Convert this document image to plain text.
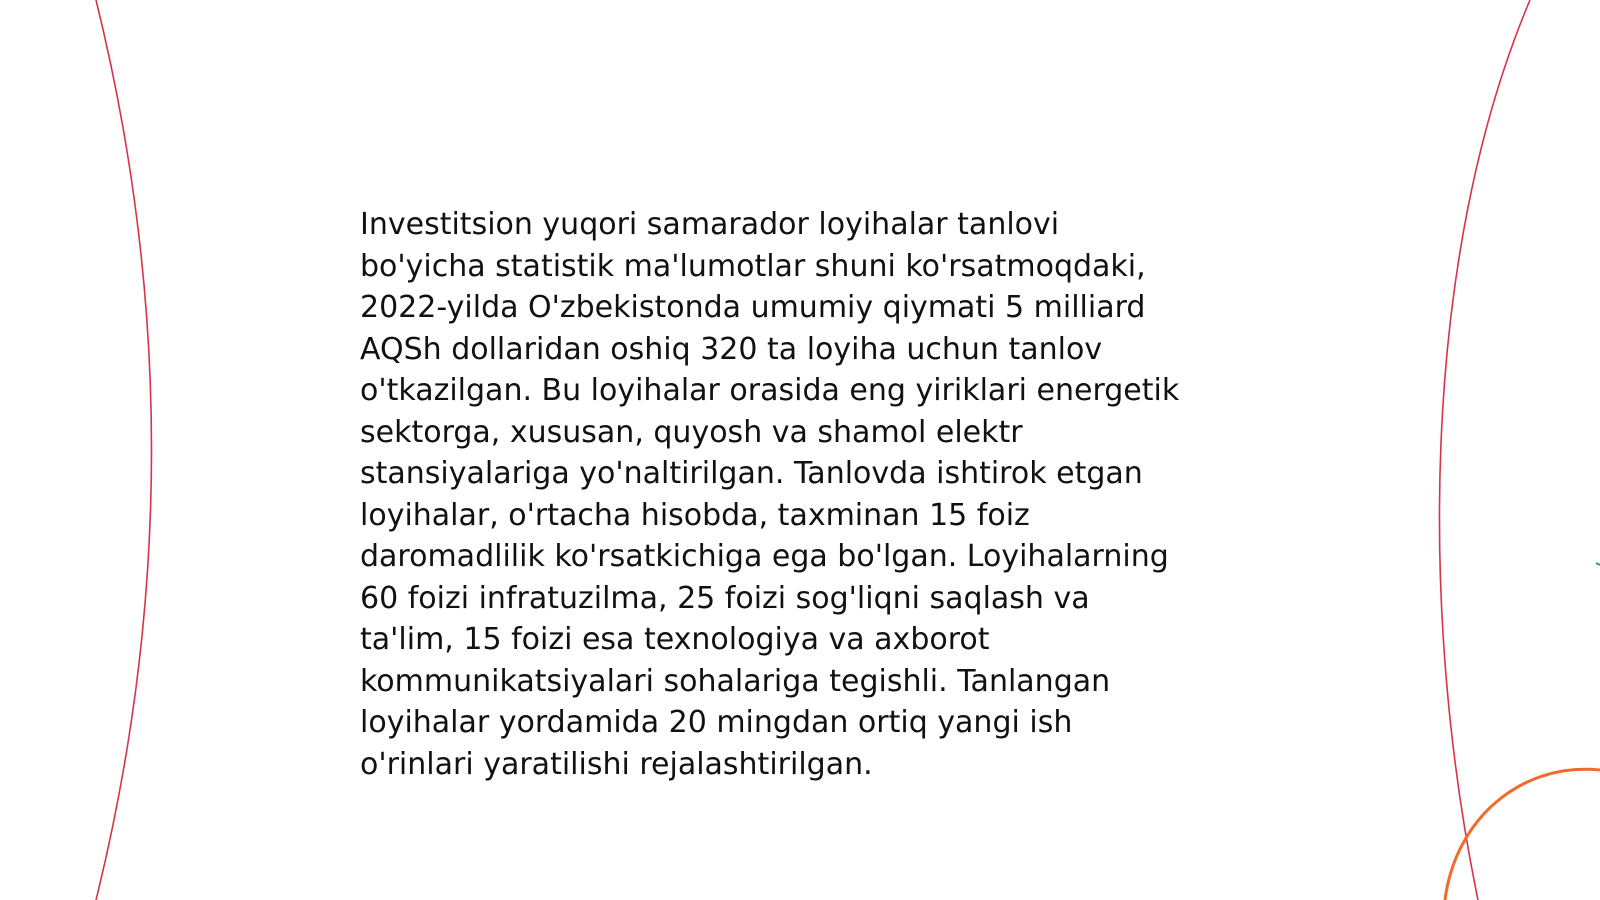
Investitsion yuqori samarador loyihalar tanlovi
bo'yicha statistik ma'lumotlar shuni ko'rsatmoqdaki,
2022-yilda O'zbekistonda umumiy qiymati 5 milliard
AQSh dollaridan oshiq 320 ta loyiha uchun tanlov
o'tkazilgan. Bu loyihalar orasida eng yiriklari energetik
sektorga, xususan, quyosh va shamol elektr
stansiyalariga yo'naltirilgan. Tanlovda ishtirok etgan
loyihalar, o'rtacha hisobda, taxminan 15 foiz
daromadlilik ko'rsatkichiga ega bo'lgan. Loyihalarning
60 foizi infratuzilma, 25 foizi sog'liqni saqlash va
ta'lim, 15 foizi esa texnologiya va axborot
kommunikatsiyalari sohalariga tegishli. Tanlangan
loyihalar yordamida 20 mingdan ortiq yangi ish
o'rinlari yaratilishi rejalashtirilgan.
